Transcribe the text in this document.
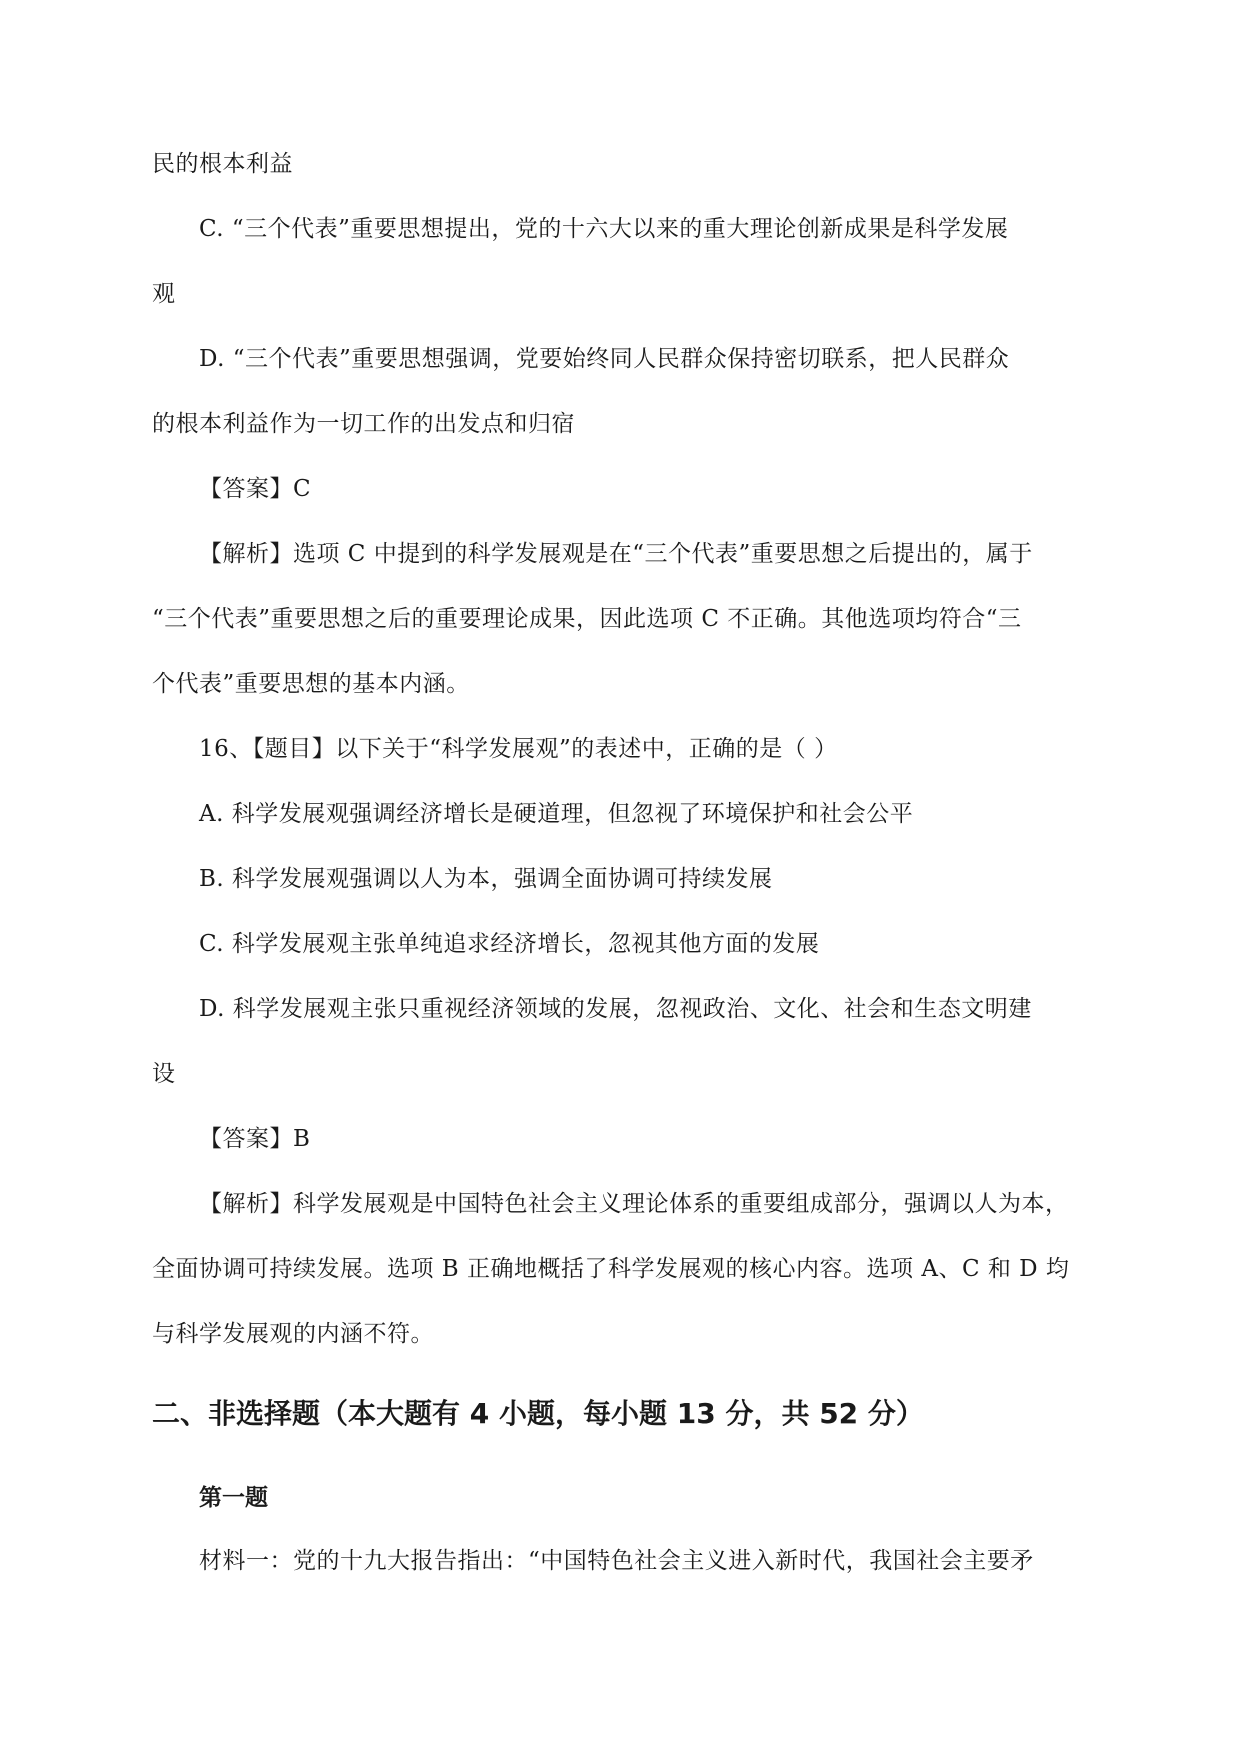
民的根本利益
C. “三个代表”重要思想提出，党的十六大以来的重大理论创新成果是科学发展
观
D. “三个代表”重要思想强调，党要始终同人民群众保持密切联系，把人民群众
的根本利益作为一切工作的出发点和归宿
【答案】C
【解析】选项 C 中提到的科学发展观是在“三个代表”重要思想之后提出的，属于
“三个代表”重要思想之后的重要理论成果，因此选项 C 不正确。其他选项均符合“三
个代表”重要思想的基本内涵。
16、【题目】以下关于“科学发展观”的表述中，正确的是（ ）
A. 科学发展观强调经济增长是硬道理，但忽视了环境保护和社会公平
B. 科学发展观强调以人为本，强调全面协调可持续发展
C. 科学发展观主张单纯追求经济增长，忽视其他方面的发展
D. 科学发展观主张只重视经济领域的发展，忽视政治、文化、社会和生态文明建
设
【答案】B
【解析】科学发展观是中国特色社会主义理论体系的重要组成部分，强调以人为本，
全面协调可持续发展。选项 B 正确地概括了科学发展观的核心内容。选项 A、C 和 D 均
与科学发展观的内涵不符。
二、非选择题（本大题有 4 小题，每小题 13 分，共 52 分）
第一题
材料一：党的十九大报告指出：“中国特色社会主义进入新时代，我国社会主要矛
